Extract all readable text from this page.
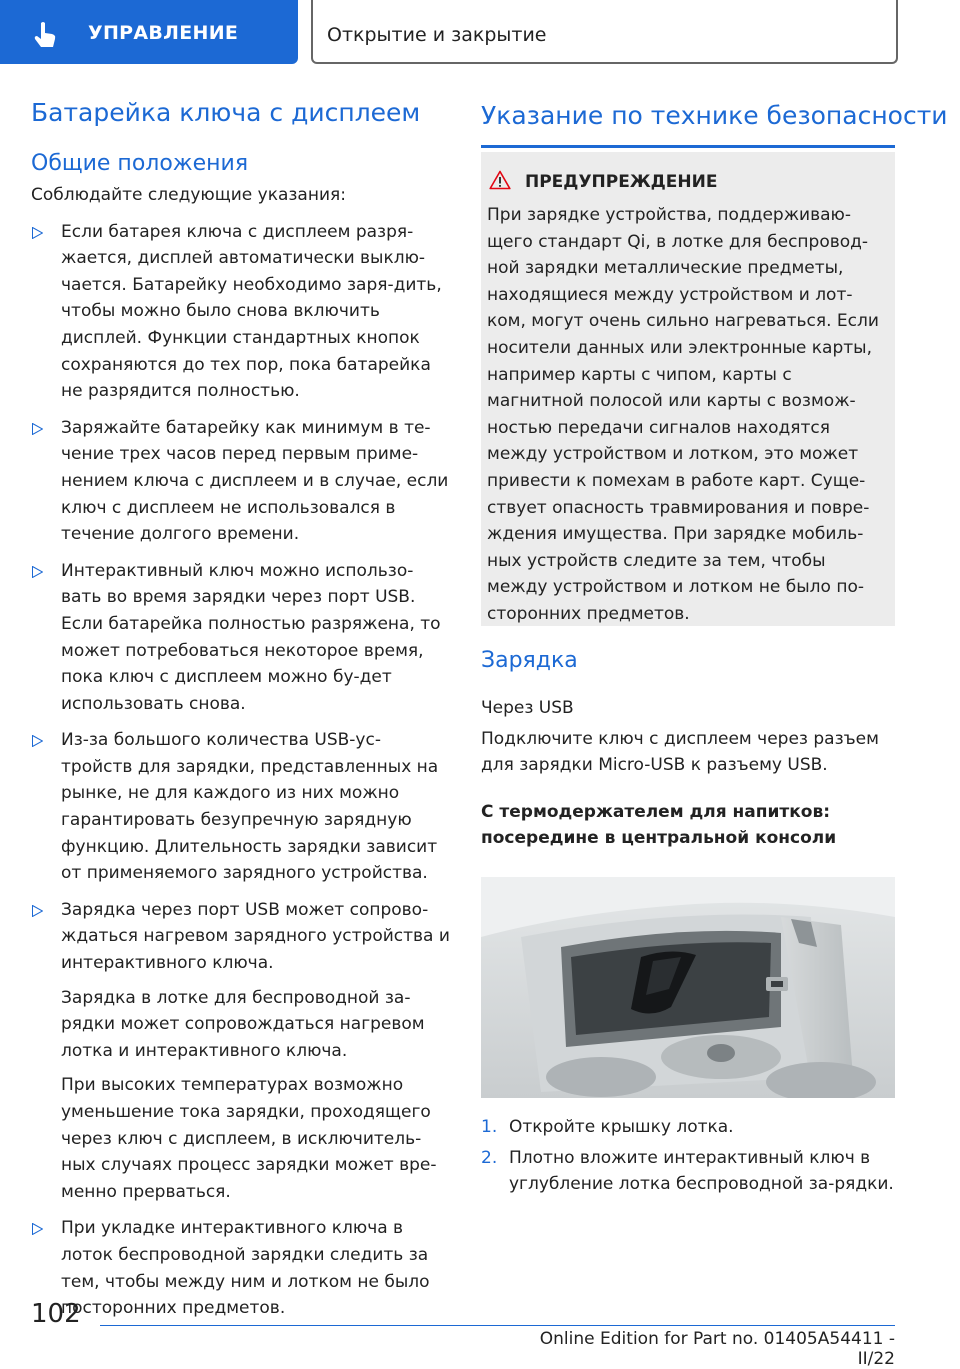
УПРАВЛЕНИЕ	Открытие и закрытие
Батарейка ключа с дисплеем
Общие положения

Соблюдайте следующие указания:

Если батарея ключа с дисплеем разря-жается, дисплей автоматически выклю-чается. Батарейку необходимо заря-дить, чтобы можно было снова включить дисплей. Функции стандартных кнопок сохраняются до тех пор, пока батарейка не разрядится полностью.

Заряжайте батарейку как минимум в те-чение трех часов перед первым приме-нением ключа с дисплеем и в случае, если ключ с дисплеем не использовался в течение долгого времени.

Интерактивный ключ можно использо-вать во время зарядки через порт USB. Если батарейка полностью разряжена, то может потребоваться некоторое время, пока ключ с дисплеем можно бу-дет использовать снова.

Из-за большого количества USB-ус-тройств для зарядки, представленных на рынке, не для каждого из них можно гарантировать безупречную зарядную функцию. Длительность зарядки зависит от применяемого зарядного устройства.

Зарядка через порт USB может сопрово-ждаться нагревом зарядного устройства и интерактивного ключа.

Зарядка в лотке для беспроводной за-рядки может сопровождаться нагревом лотка и интерактивного ключа.

При высоких температурах возможно уменьшение тока зарядки, проходящего через ключ с дисплеем, в исключитель-ных случаях процесс зарядки может вре-менно прерваться.

При укладке интерактивного ключа в лоток беспроводной зарядки следить за тем, чтобы между ним и лотком не было посторонних предметов.

Указание по технике безопасности
ПРЕДУПРЕЖДЕНИЕ

При зарядке устройства, поддерживаю-щего стандарт Qi, в лотке для беспровод-ной зарядки металлические предметы, находящиеся между устройством и лот-ком, могут очень сильно нагреваться. Если носители данных или электронные карты, например карты с чипом, карты с магнитной полосой или карты с возмож-ностью передачи сигналов находятся между устройством и лотком, это может привести к помехам в работе карт. Суще-ствует опасность травмирования и повре-ждения имущества. При зарядке мобиль-ных устройств следите за тем, чтобы между устройством и лотком не было по-сторонних предметов.

Зарядка

Через USB

Подключите ключ с дисплеем через разъем для зарядки Micro-USB к разъему USB.

С термодержателем для напитков: посередине в центральной консоли

1. Откройте крышку лотка.

2. Плотно вложите интерактивный ключ в углубление лотка беспроводной за-рядки.

102
Online Edition for Part no. 01405A54411 - II/22
